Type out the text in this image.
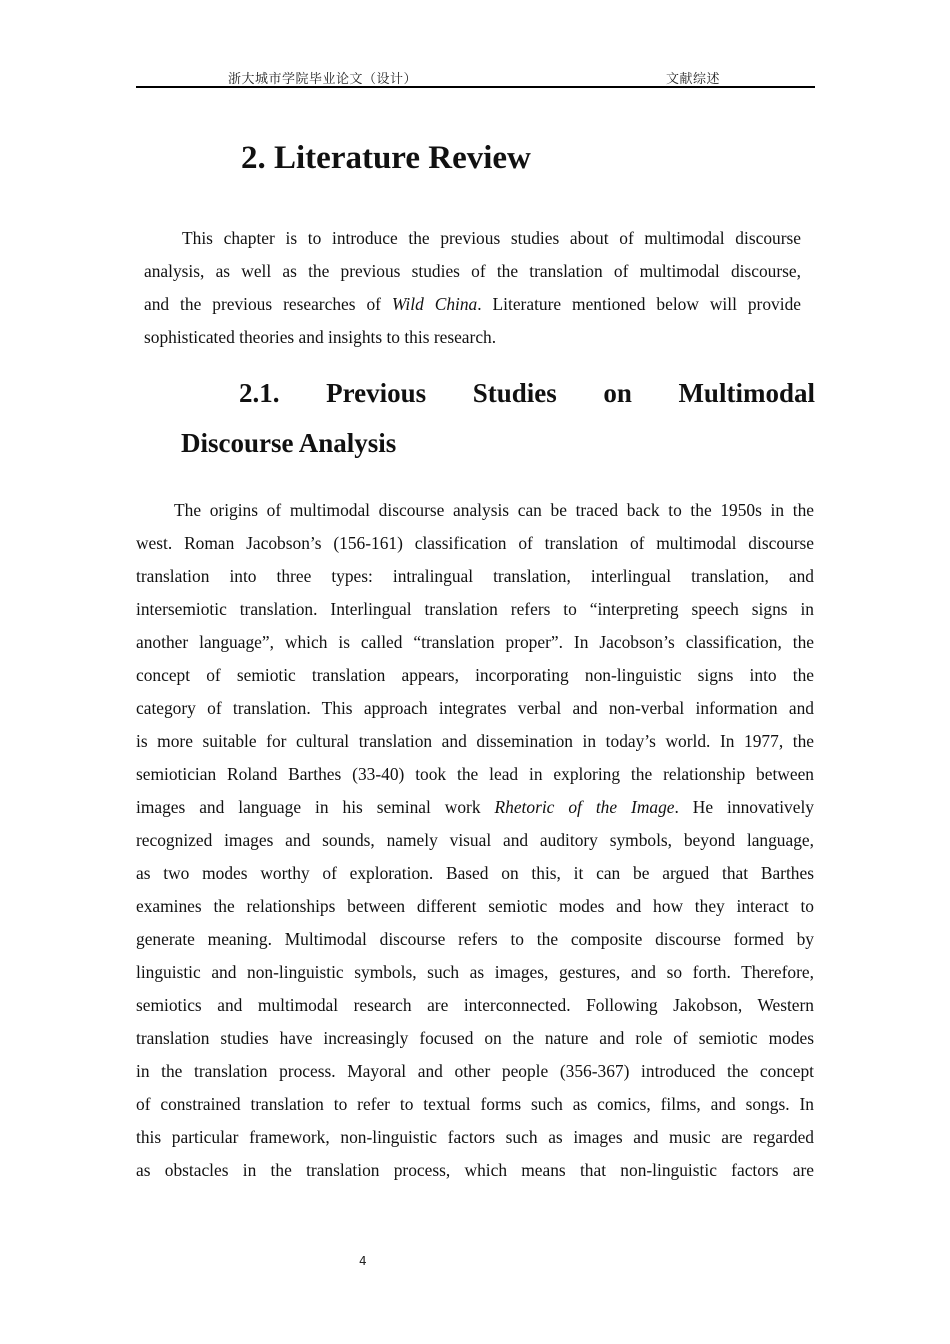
浙大城市学院毕业论文（设计）	文献综述
2. Literature Review
This chapter is to introduce the previous studies about of multimodal discourse
analysis, as well as the previous studies of the translation of multimodal discourse,
and the previous researches of Wild China. Literature mentioned below will provide
sophisticated theories and insights to this research.
2.1. Previous Studies on Multimodal
Discourse Analysis
The origins of multimodal discourse analysis can be traced back to the 1950s in the
west. Roman Jacobson’s (156-161) classification of translation of multimodal discourse
translation into three types: intralingual translation, interlingual translation, and
intersemiotic translation. Interlingual translation refers to “interpreting speech signs in
another language”, which is called “translation proper”. In Jacobson’s classification, the
concept of semiotic translation appears, incorporating non-linguistic signs into the
category of translation. This approach integrates verbal and non-verbal information and
is more suitable for cultural translation and dissemination in today’s world. In 1977, the
semiotician Roland Barthes (33-40) took the lead in exploring the relationship between
images and language in his seminal work Rhetoric of the Image. He innovatively
recognized images and sounds, namely visual and auditory symbols, beyond language,
as two modes worthy of exploration. Based on this, it can be argued that Barthes
examines the relationships between different semiotic modes and how they interact to
generate meaning. Multimodal discourse refers to the composite discourse formed by
linguistic and non-linguistic symbols, such as images, gestures, and so forth. Therefore,
semiotics and multimodal research are interconnected. Following Jakobson, Western
translation studies have increasingly focused on the nature and role of semiotic modes
in the translation process. Mayoral and other people (356-367) introduced the concept
of constrained translation to refer to textual forms such as comics, films, and songs. In
this particular framework, non-linguistic factors such as images and music are regarded
as obstacles in the translation process, which means that non-linguistic factors are
4
